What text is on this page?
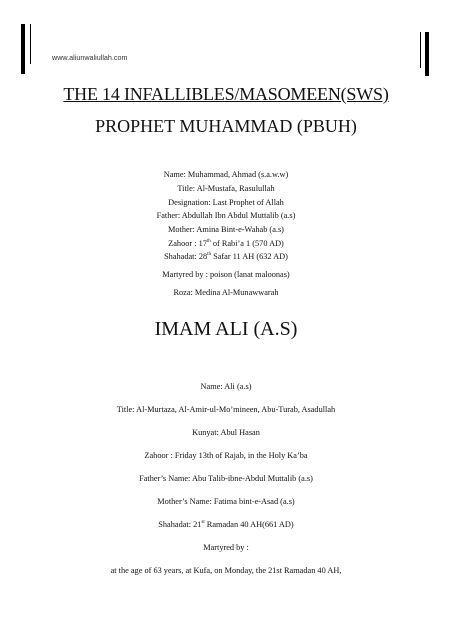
www.aliunwaliullah.com
THE 14 INFALLIBLES/MASOMEEN(SWS)
PROPHET MUHAMMAD (PBUH)
Name: Muhammad, Ahmad (s.a.w.w)
Title: Al-Mustafa, Rasulullah
Designation: Last Prophet of Allah
Father: Abdullah Ibn Abdul Muttalib (a.s)
Mother: Amina Bint-e-Wahab (a.s)
Zahoor : 17th of Rabi’a 1 (570 AD)
Shahadat: 28th Safar 11 AH (632 AD)
Martyred by : poison (lanat maloonas)
Roza: Medina Al-Munawwarah
IMAM ALI (A.S)
Name: Ali (a.s)
Title: Al-Murtaza, Al-Amir-ul-Mo’mineen, Abu-Turab, Asadullah
Kunyat: Abul Hasan
Zahoor : Friday 13th of Rajab, in the Holy Ka’ba
Father’s Name: Abu Talib-ibne-Abdul Muttalib (a.s)
Mother’s Name: Fatima bint-e-Asad (a.s)
Shahadat: 21st Ramadan 40 AH(661 AD)
Martyred by :
at the age of 63 years, at Kufa, on Monday, the 21st Ramadan 40 AH,
